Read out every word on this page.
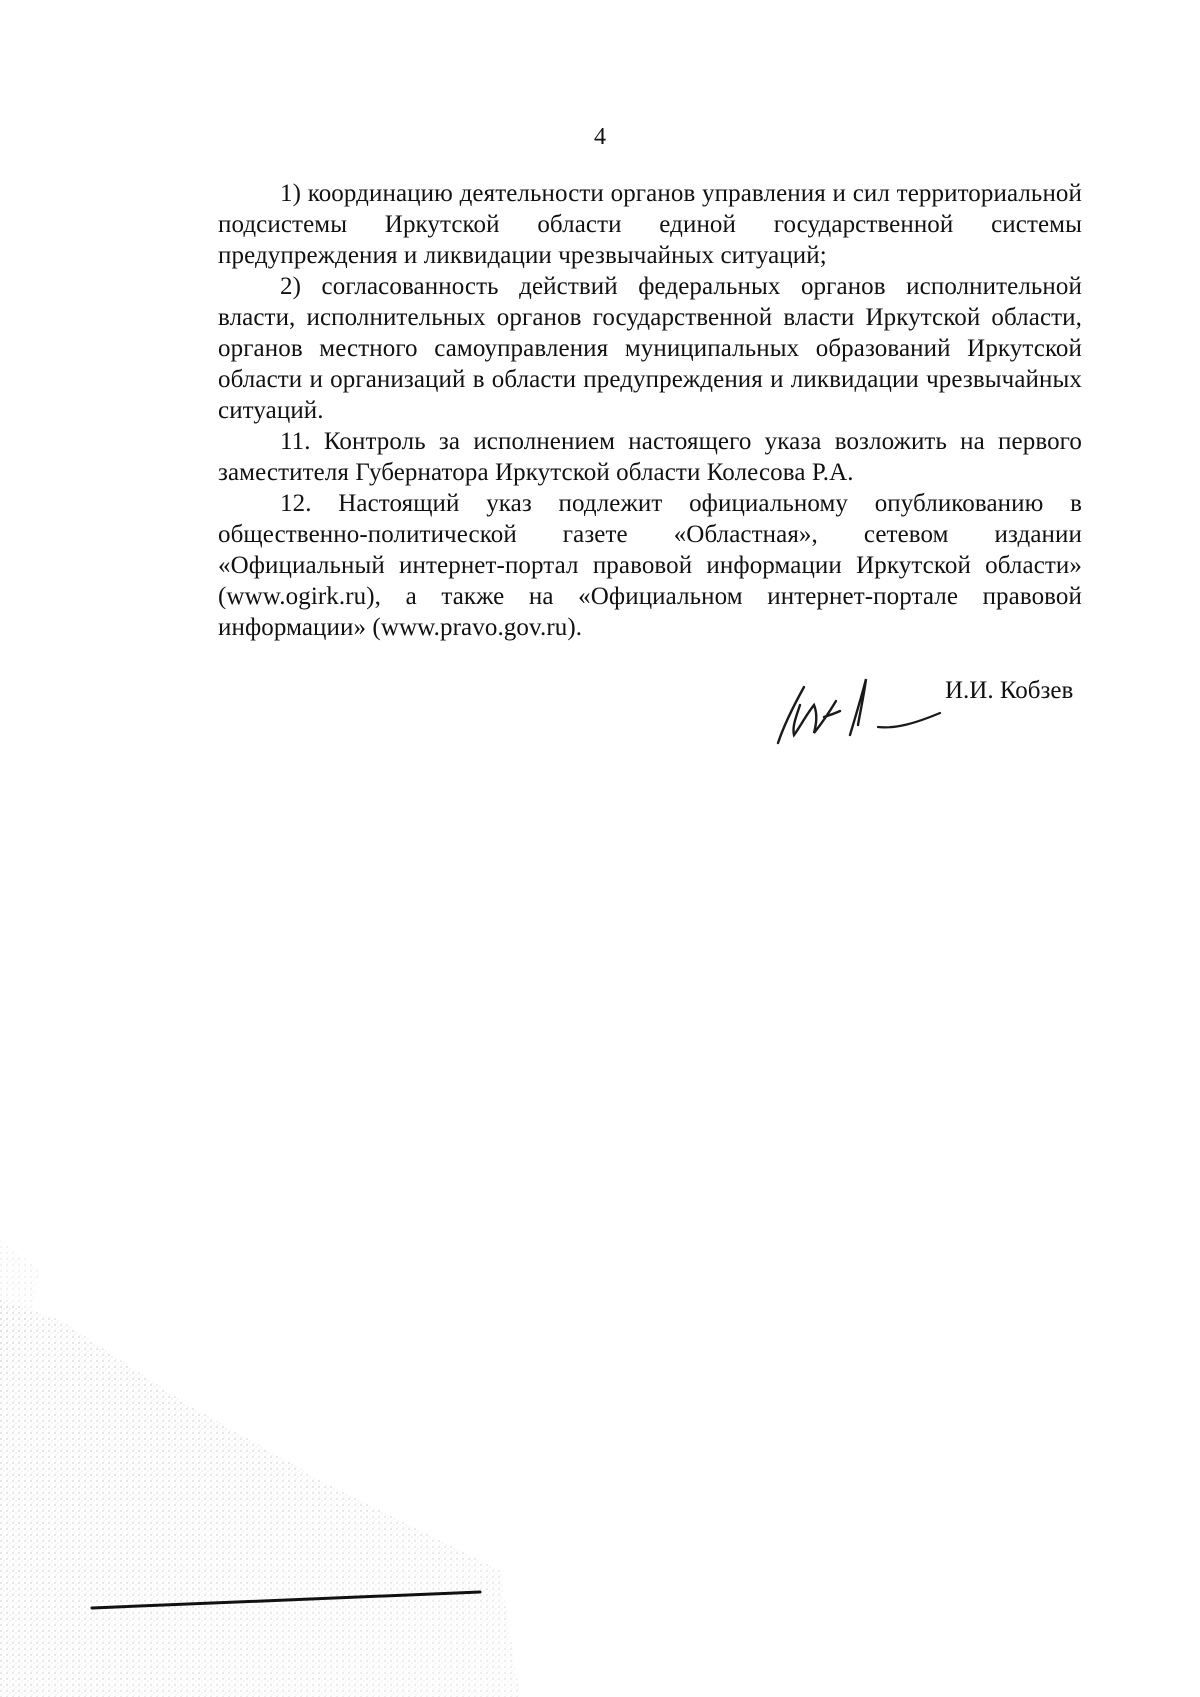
4

1) координацию деятельности органов управления и сил территориальной подсистемы Иркутской области единой государственной системы предупреждения и ликвидации чрезвычайных ситуаций;

2) согласованность действий федеральных органов исполнительной власти, исполнительных органов государственной власти Иркутской области, органов местного самоуправления муниципальных образований Иркутской области и организаций в области предупреждения и ликвидации чрезвычайных ситуаций.

11. Контроль за исполнением настоящего указа возложить на первого заместителя Губернатора Иркутской области Колесова Р.А.

12. Настоящий указ подлежит официальному опубликованию в общественно-политической газете «Областная», сетевом издании «Официальный интернет-портал правовой информации Иркутской области» (www.ogirk.ru), а также на «Официальном интернет-портале правовой информации» (www.pravo.gov.ru).

И.И. Кобзев
